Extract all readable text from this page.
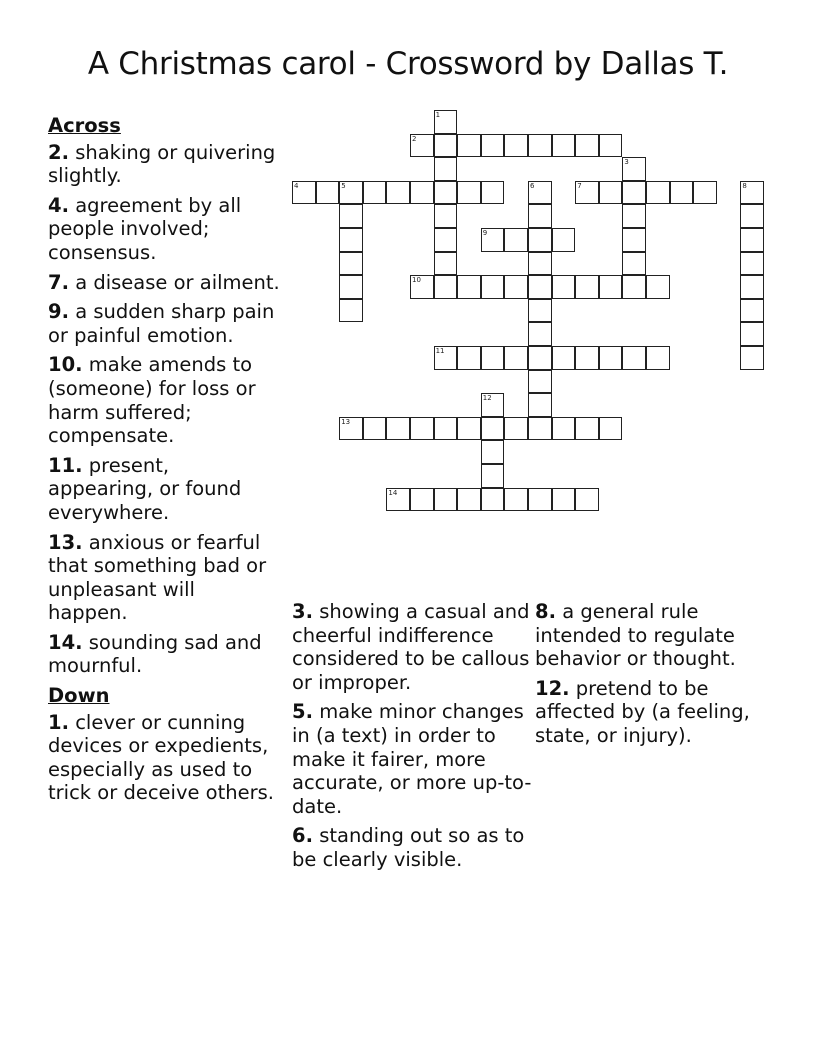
A Christmas carol - Crossword by Dallas T.
1
2
3
4	5	6	7	8
9
10
11
12
13
14
Across
2. shaking or quivering slightly.
4. agreement by all people involved; consensus.
7. a disease or ailment.
9. a sudden sharp pain or painful emotion.
10. make amends to (someone) for loss or harm suffered; compensate.
11. present, appearing, or found everywhere.
13. anxious or fearful that something bad or unpleasant will happen.
14. sounding sad and mournful.
Down
1. clever or cunning devices or expedients, especially as used to trick or deceive others.
3. showing a casual and cheerful indifference considered to be callous or improper.
5. make minor changes in (a text) in order to make it fairer, more accurate, or more up-to-date.
6. standing out so as to be clearly visible.
8. a general rule intended to regulate behavior or thought.
12. pretend to be affected by (a feeling, state, or injury).
